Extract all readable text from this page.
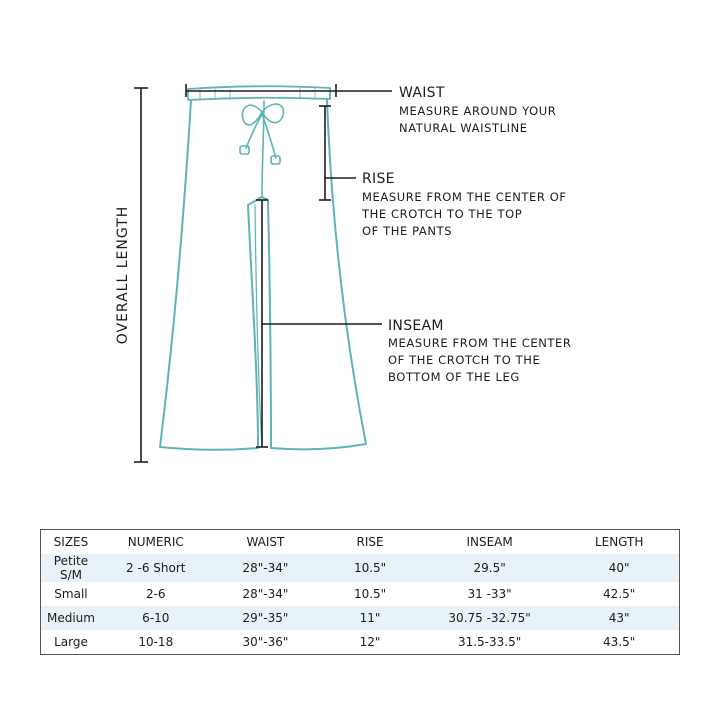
OVERALL LENGTH
WAIST
MEASURE AROUND YOUR
NATURAL WAISTLINE
RISE
MEASURE FROM THE CENTER OF
THE CROTCH TO THE TOP
OF THE PANTS
INSEAM
MEASURE FROM THE CENTER
OF THE CROTCH TO THE
BOTTOM OF THE LEG
SIZES	NUMERIC	WAIST	RISE	INSEAM	LENGTH
Petite S/M	2 -6 Short	28"-34"	10.5"	29.5"	40"
Small	2-6	28"-34"	10.5"	31 -33"	42.5"
Medium	6-10	29"-35"	11"	30.75 -32.75"	43"
Large	10-18	30"-36"	12"	31.5-33.5"	43.5"
